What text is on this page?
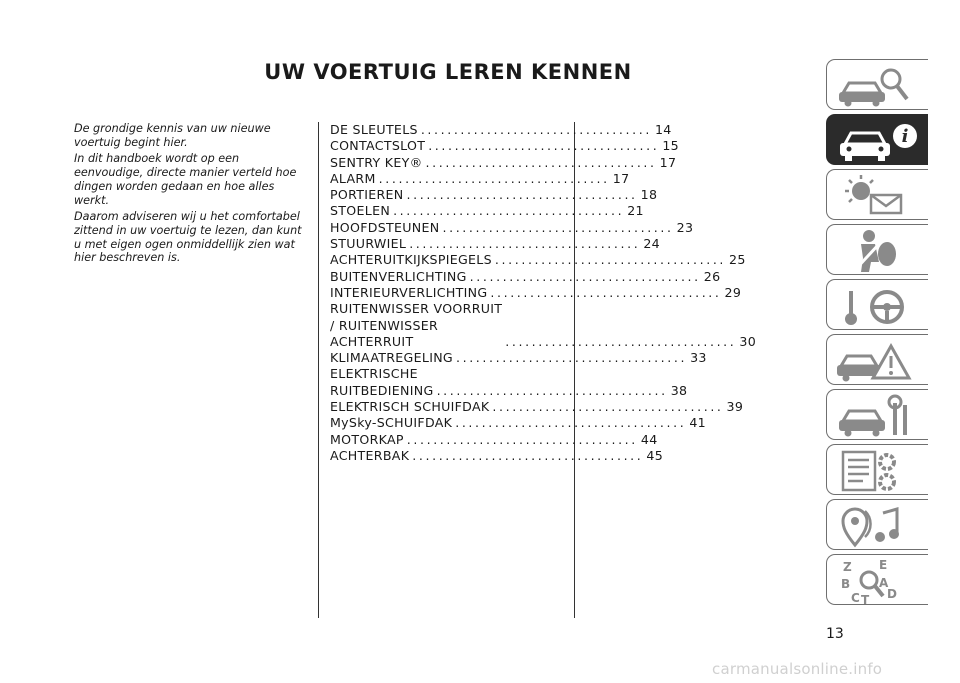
UW VOERTUIG LEREN KENNEN

De grondige kennis van uw nieuwe voertuig begint hier.

In dit handboek wordt op een eenvoudige, directe manier verteld hoe dingen worden gedaan en hoe alles werkt.

Daarom adviseren wij u het comfortabel zittend in uw voertuig te lezen, dan kunt u met eigen ogen onmiddellijk zien wat hier beschreven is.

DE SLEUTELS ................................... 14
CONTACTSLOT ................................... 15
SENTRY KEY® ................................... 17
ALARM ................................... 17
PORTIEREN ................................... 18
STOELEN ................................... 21
HOOFDSTEUNEN ................................... 23
STUURWIEL ................................... 24
ACHTERUITKIJKSPIEGELS ................................... 25
BUITENVERLICHTING ................................... 26
INTERIEURVERLICHTING ................................... 29
RUITENWISSER VOORRUIT
/ RUITENWISSER
ACHTERRUIT	................................... 30
KLIMAATREGELING ................................... 33
ELEKTRISCHE
RUITBEDIENING ................................... 38
ELEKTRISCH SCHUIFDAK ................................... 39
MySky-SCHUIFDAK ................................... 41
MOTORKAP ................................... 44
ACHTERBAK ................................... 45
i
Z E
B A
C T D
13
carmanualsonline.info
